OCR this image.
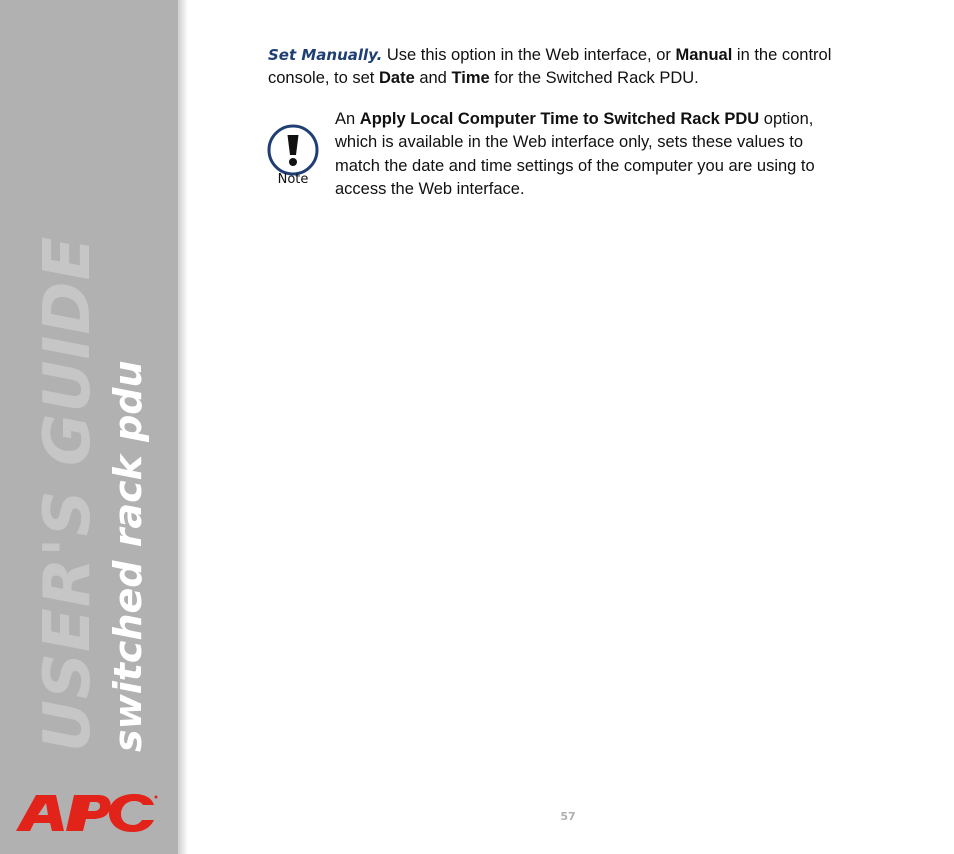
USER'S GUIDE switched rack pdu

Set Manually. Use this option in the Web interface, or Manual in the control console, to set Date and Time for the Switched Rack PDU.

Note

An Apply Local Computer Time to Switched Rack PDU option, which is available in the Web interface only, sets these values to match the date and time settings of the computer you are using to access the Web interface.

57
